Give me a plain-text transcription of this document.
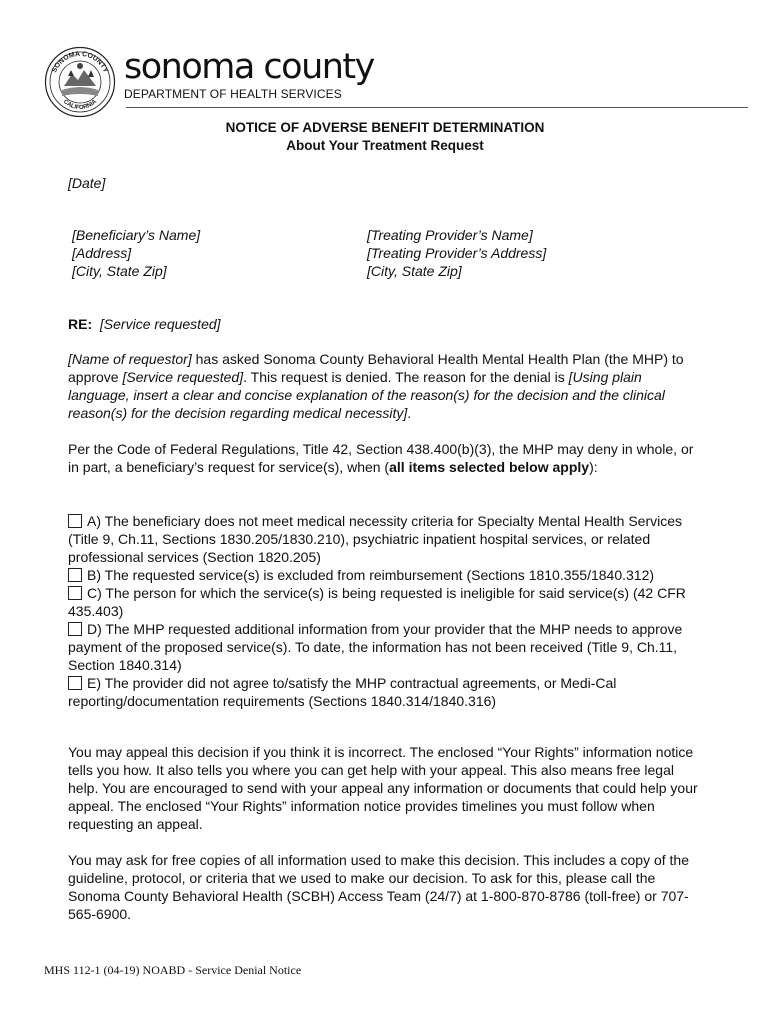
SONOMA COUNTY
CALIFORNIA
sonoma county
DEPARTMENT OF HEALTH SERVICES
NOTICE OF ADVERSE BENEFIT DETERMINATION
About Your Treatment Request
[Date]
[Beneficiary’s Name]
[Address]
[City, State Zip]
[Treating Provider’s Name]
[Treating Provider’s Address]
[City, State Zip]
RE: [Service requested]
[Name of requestor] has asked Sonoma County Behavioral Health Mental Health Plan (the MHP) to approve [Service requested]. This request is denied. The reason for the denial is [Using plain language, insert a clear and concise explanation of the reason(s) for the decision and the clinical reason(s) for the decision regarding medical necessity].
Per the Code of Federal Regulations, Title 42, Section 438.400(b)(3), the MHP may deny in whole, or in part, a beneficiary’s request for service(s), when (all items selected below apply):
A) The beneficiary does not meet medical necessity criteria for Specialty Mental Health Services (Title 9, Ch.11, Sections 1830.205/1830.210), psychiatric inpatient hospital services, or related professional services (Section 1820.205)
B) The requested service(s) is excluded from reimbursement (Sections 1810.355/1840.312)
C) The person for which the service(s) is being requested is ineligible for said service(s) (42 CFR 435.403)
D) The MHP requested additional information from your provider that the MHP needs to approve payment of the proposed service(s). To date, the information has not been received (Title 9, Ch.11, Section 1840.314)
E) The provider did not agree to/satisfy the MHP contractual agreements, or Medi-Cal reporting/documentation requirements (Sections 1840.314/1840.316)
You may appeal this decision if you think it is incorrect. The enclosed “Your Rights” information notice tells you how. It also tells you where you can get help with your appeal. This also means free legal help. You are encouraged to send with your appeal any information or documents that could help your appeal. The enclosed “Your Rights” information notice provides timelines you must follow when requesting an appeal.
You may ask for free copies of all information used to make this decision. This includes a copy of the guideline, protocol, or criteria that we used to make our decision. To ask for this, please call the Sonoma County Behavioral Health (SCBH) Access Team (24/7) at 1-800-870-8786 (toll-free) or 707-565-6900.
MHS 112-1 (04-19) NOABD - Service Denial Notice
